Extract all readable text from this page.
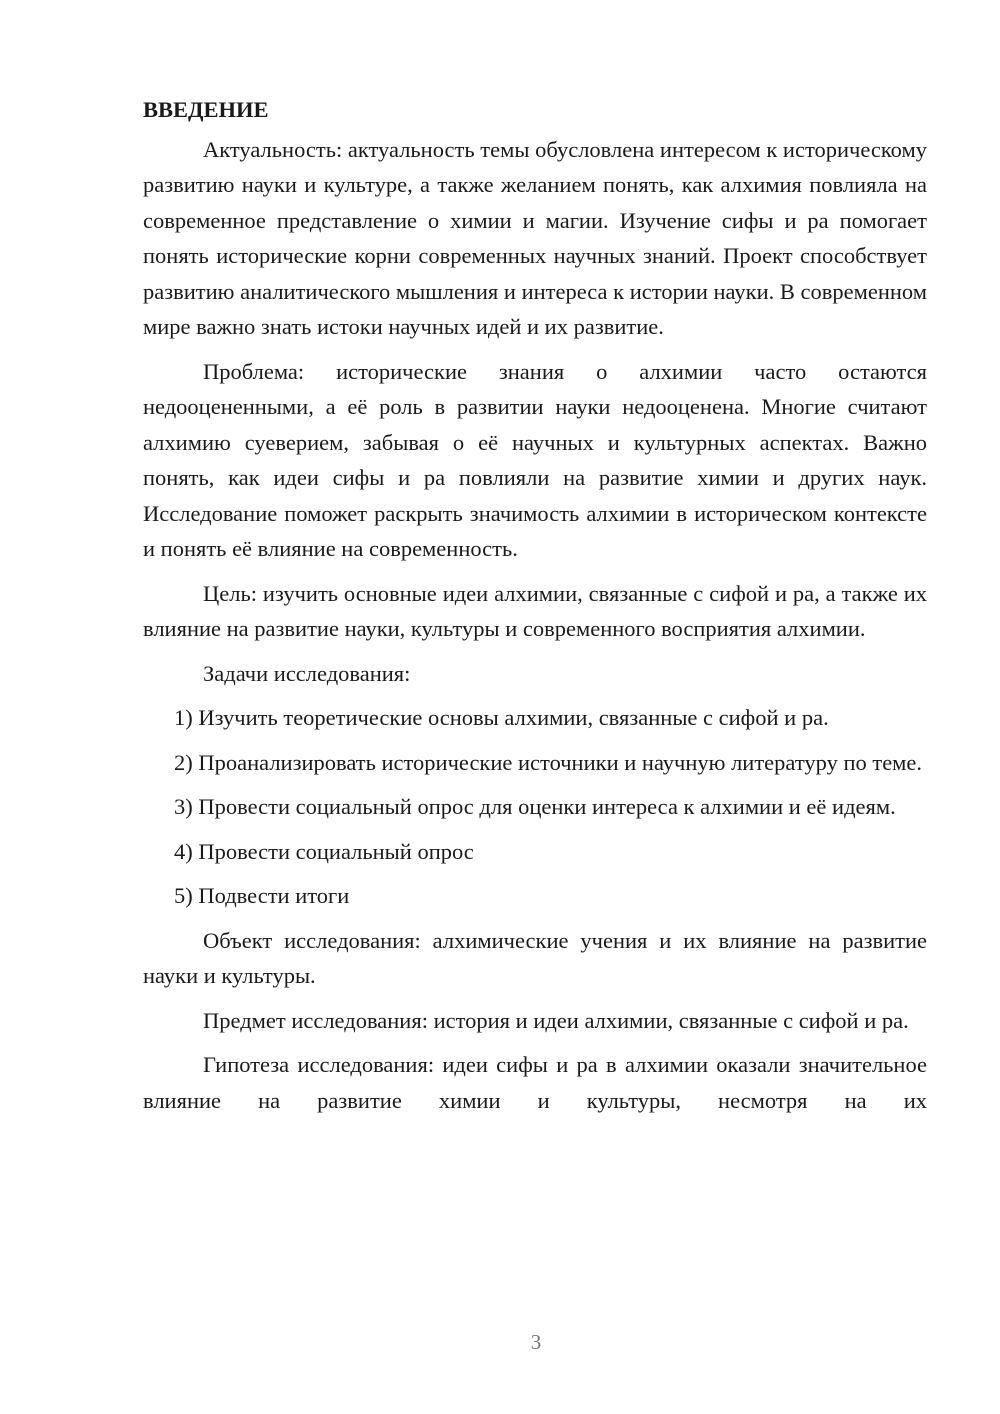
ВВЕДЕНИЕ

Актуальность: актуальность темы обусловлена интересом к историческому развитию науки и культуре, а также желанием понять, как алхимия повлияла на современное представление о химии и магии. Изучение сифы и ра помогает понять исторические корни современных научных знаний. Проект способствует развитию аналитического мышления и интереса к истории науки. В современном мире важно знать истоки научных идей и их развитие.

Проблема: исторические знания о алхимии часто остаются недооцененными, а её роль в развитии науки недооценена. Многие считают алхимию суеверием, забывая о её научных и культурных аспектах. Важно понять, как идеи сифы и ра повлияли на развитие химии и других наук. Исследование поможет раскрыть значимость алхимии в историческом контексте и понять её влияние на современность.

Цель: изучить основные идеи алхимии, связанные с сифой и ра, а также их влияние на развитие науки, культуры и современного восприятия алхимии.

Задачи исследования:

1) Изучить теоретические основы алхимии, связанные с сифой и ра.

2) Проанализировать исторические источники и научную литературу по теме.

3) Провести социальный опрос для оценки интереса к алхимии и её идеям.

4) Провести социальный опрос

5) Подвести итоги

Объект исследования: алхимические учения и их влияние на развитие науки и культуры.

Предмет исследования: история и идеи алхимии, связанные с сифой и ра.

Гипотеза исследования: идеи сифы и ра в алхимии оказали значительное влияние на развитие химии и культуры, несмотря на их

3
